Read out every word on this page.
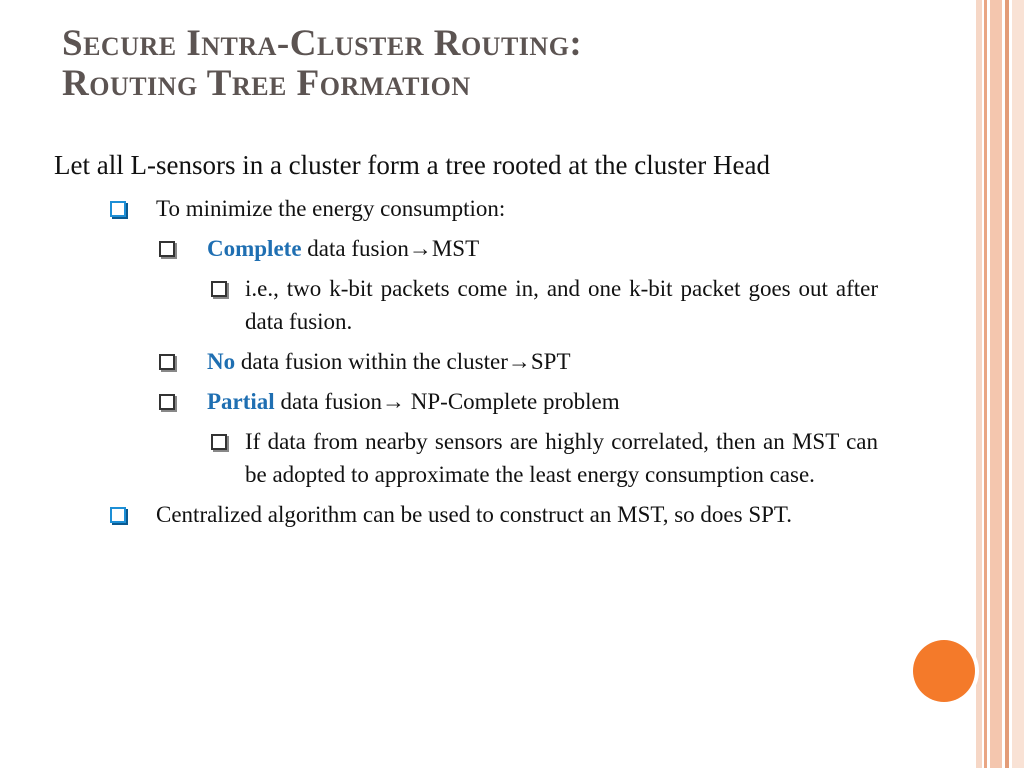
Secure Intra-Cluster Routing:
Routing Tree Formation

Let all L-sensors in a cluster form a tree rooted at the cluster Head

To minimize the energy consumption:
Complete data fusion→MST
i.e., two k-bit packets come in, and one k-bit packet goes out after data fusion.
No data fusion within the cluster→SPT
Partial data fusion→ NP-Complete problem
If data from nearby sensors are highly correlated, then an MST can be adopted to approximate the least energy consumption case.
Centralized algorithm can be used to construct an MST, so does SPT.
